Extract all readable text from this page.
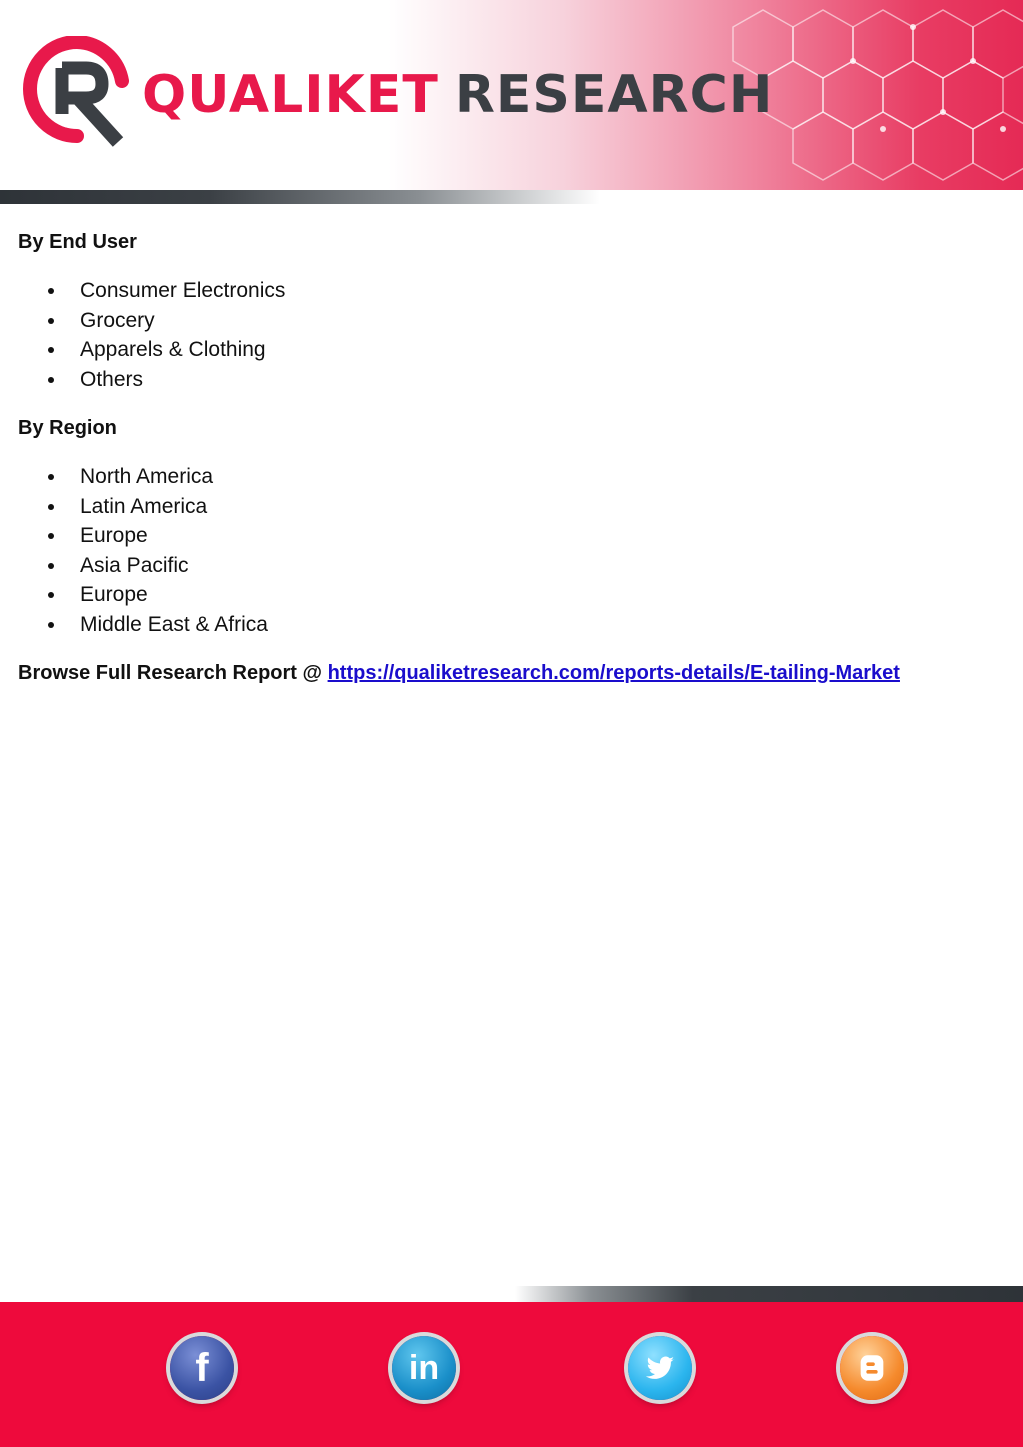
QUALIKET RESEARCH
By End User
Consumer Electronics
Grocery
Apparels & Clothing
Others
By Region
North America
Latin America
Europe
Asia Pacific
Europe
Middle East & Africa
Browse Full Research Report @ https://qualiketresearch.com/reports-details/E-tailing-Market
f	in
